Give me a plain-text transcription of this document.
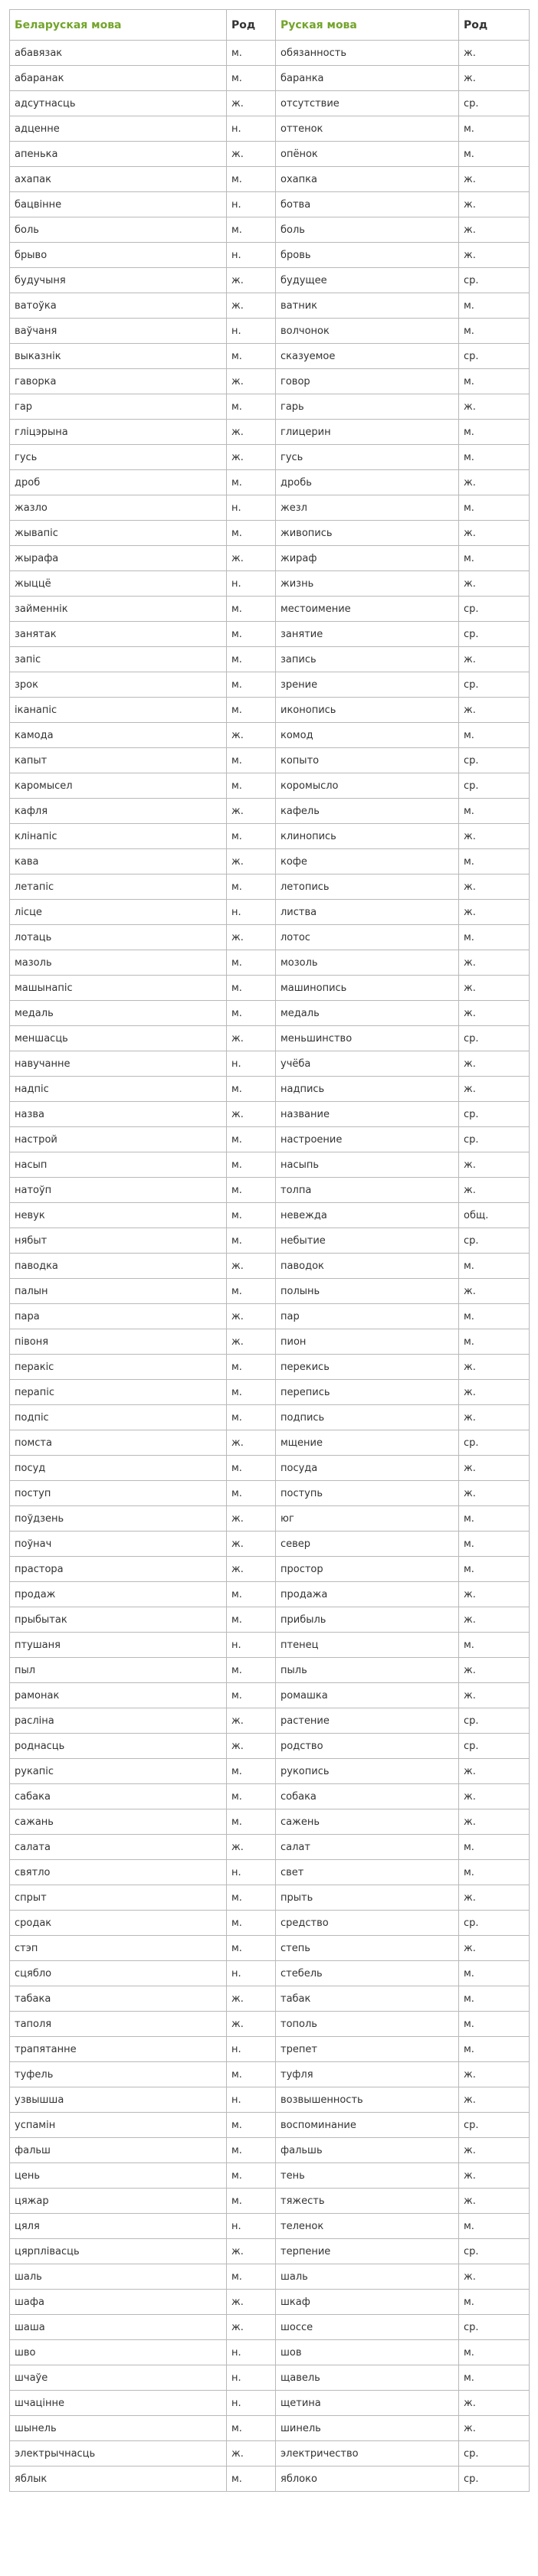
Беларуская мова	Род	Руская мова	Род
абавязак	м.	обязанность	ж.
абаранак	м.	баранка	ж.
адсутнасць	ж.	отсутствие	ср.
адценне	н.	оттенок	м.
апенька	ж.	опёнок	м.
ахапак	м.	охапка	ж.
бацвінне	н.	ботва	ж.
боль	м.	боль	ж.
брыво	н.	бровь	ж.
будучыня	ж.	будущее	ср.
ватоўка	ж.	ватник	м.
ваўчаня	н.	волчонок	м.
выказнік	м.	сказуемое	ср.
гаворка	ж.	говор	м.
гар	м.	гарь	ж.
гліцэрына	ж.	глицерин	м.
гусь	ж.	гусь	м.
дроб	м.	дробь	ж.
жазло	н.	жезл	м.
жывапіс	м.	живопись	ж.
жырафа	ж.	жираф	м.
жыццё	н.	жизнь	ж.
займеннік	м.	местоимение	ср.
занятак	м.	занятие	ср.
запіс	м.	запись	ж.
зрок	м.	зрение	ср.
іканапіс	м.	иконопись	ж.
камода	ж.	комод	м.
капыт	м.	копыто	ср.
каромысел	м.	коромысло	ср.
кафля	ж.	кафель	м.
клінапіс	м.	клинопись	ж.
кава	ж.	кофе	м.
летапіс	м.	летопись	ж.
лісце	н.	листва	ж.
лотаць	ж.	лотос	м.
мазоль	м.	мозоль	ж.
машынапіс	м.	машинопись	ж.
медаль	м.	медаль	ж.
меншасць	ж.	меньшинство	ср.
навучанне	н.	учёба	ж.
надпіс	м.	надпись	ж.
назва	ж.	название	ср.
настрой	м.	настроение	ср.
насып	м.	насыпь	ж.
натоўп	м.	толпа	ж.
невук	м.	невежда	общ.
нябыт	м.	небытие	ср.
паводка	ж.	паводок	м.
палын	м.	полынь	ж.
пара	ж.	пар	м.
півоня	ж.	пион	м.
перакіс	м.	перекись	ж.
перапіс	м.	перепись	ж.
подпіс	м.	подпись	ж.
помста	ж.	мщение	ср.
посуд	м.	посуда	ж.
поступ	м.	поступь	ж.
поўдзень	ж.	юг	м.
поўнач	ж.	север	м.
прастора	ж.	простор	м.
продаж	м.	продажа	ж.
прыбытак	м.	прибыль	ж.
птушаня	н.	птенец	м.
пыл	м.	пыль	ж.
рамонак	м.	ромашка	ж.
расліна	ж.	растение	ср.
роднасць	ж.	родство	ср.
рукапіс	м.	рукопись	ж.
сабака	м.	собака	ж.
сажань	м.	сажень	ж.
салата	ж.	салат	м.
святло	н.	свет	м.
спрыт	м.	прыть	ж.
сродак	м.	средство	ср.
стэп	м.	степь	ж.
сцябло	н.	стебель	м.
табака	ж.	табак	м.
таполя	ж.	тополь	м.
трапятанне	н.	трепет	м.
туфель	м.	туфля	ж.
узвышша	н.	возвышенность	ж.
успамін	м.	воспоминание	ср.
фальш	м.	фальшь	ж.
цень	м.	тень	ж.
цяжар	м.	тяжесть	ж.
цяля	н.	теленок	м.
цярплівасць	ж.	терпение	ср.
шаль	м.	шаль	ж.
шафа	ж.	шкаф	м.
шаша	ж.	шоссе	ср.
шво	н.	шов	м.
шчаўе	н.	щавель	м.
шчацінне	н.	щетина	ж.
шынель	м.	шинель	ж.
электрычнасць	ж.	электричество	ср.
яблык	м.	яблоко	ср.
